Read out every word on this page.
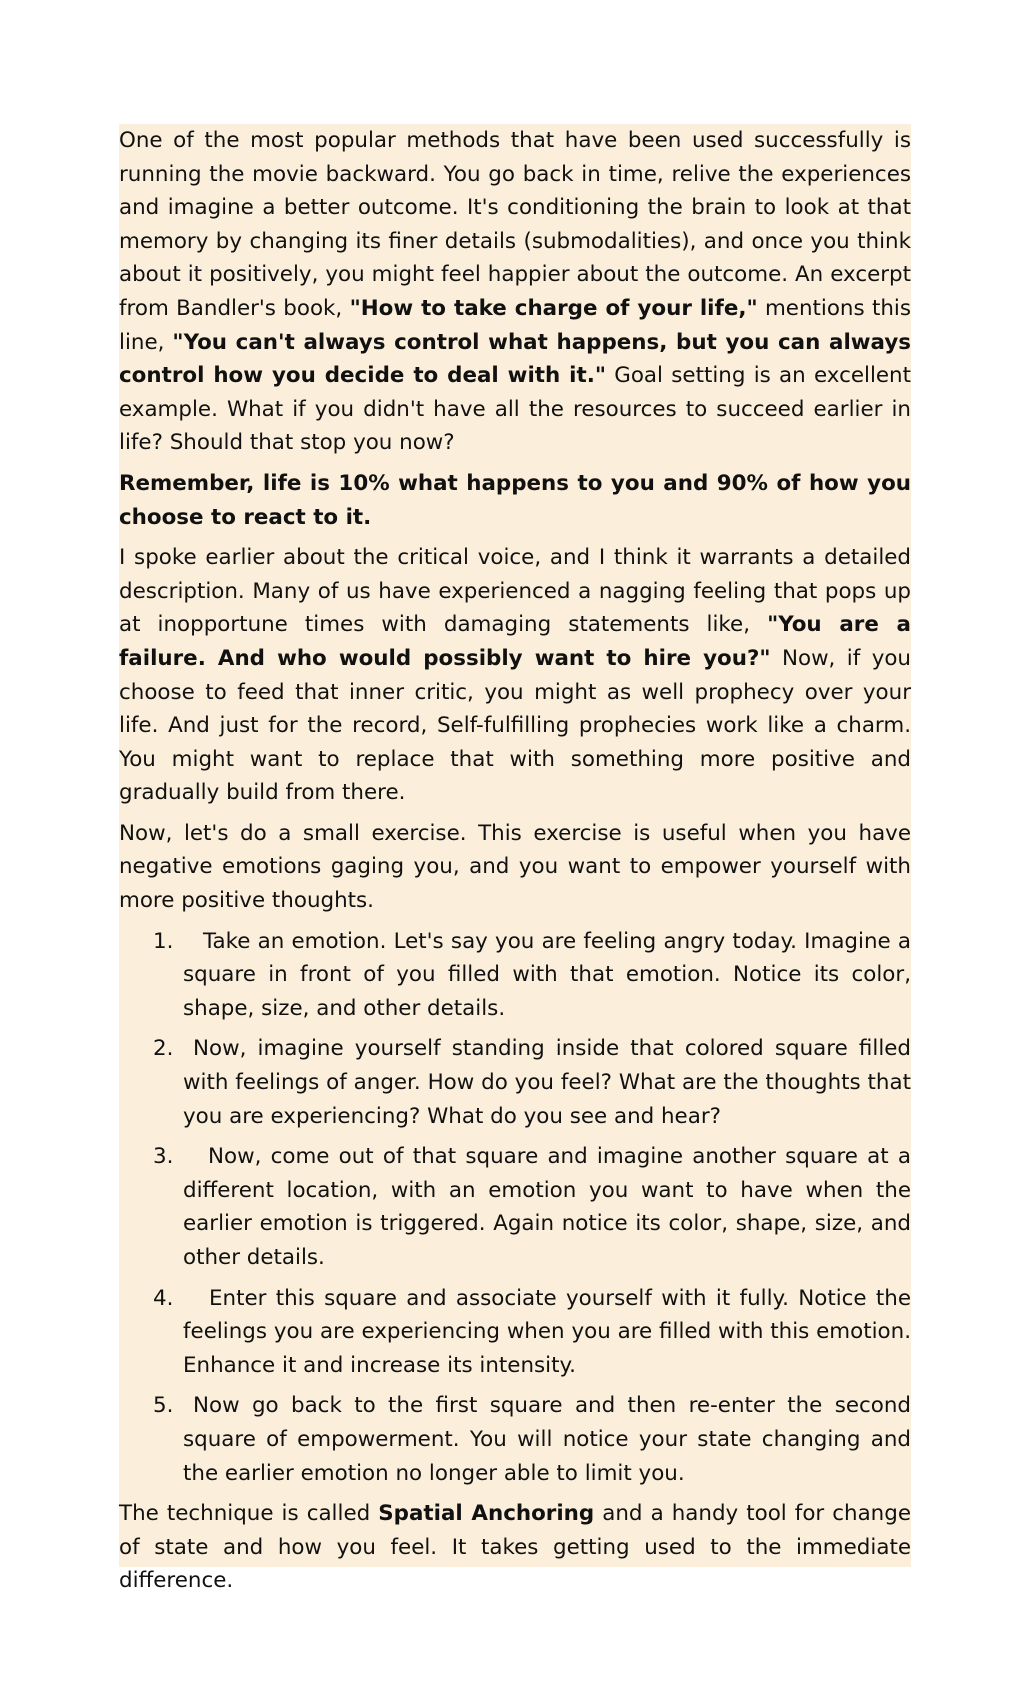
One of the most popular methods that have been used successfully is running the movie backward. You go back in time, relive the experiences and imagine a better outcome. It's conditioning the brain to look at that memory by changing its finer details (submodalities), and once you think about it positively, you might feel happier about the outcome. An excerpt from Bandler's book, "How to take charge of your life," mentions this line, "You can't always control what happens, but you can always control how you decide to deal with it." Goal setting is an excellent example. What if you didn't have all the resources to succeed earlier in life? Should that stop you now?

Remember, life is 10% what happens to you and 90% of how you choose to react to it.

I spoke earlier about the critical voice, and I think it warrants a detailed description. Many of us have experienced a nagging feeling that pops up at inopportune times with damaging statements like, "You are a failure. And who would possibly want to hire you?" Now, if you choose to feed that inner critic, you might as well prophecy over your life. And just for the record, Self-fulfilling prophecies work like a charm. You might want to replace that with something more positive and gradually build from there.

Now, let's do a small exercise. This exercise is useful when you have negative emotions gaging you, and you want to empower yourself with more positive thoughts.

1. Take an emotion. Let's say you are feeling angry today. Imagine a square in front of you filled with that emotion. Notice its color, shape, size, and other details.
2. Now, imagine yourself standing inside that colored square filled with feelings of anger. How do you feel? What are the thoughts that you are experiencing? What do you see and hear?
3. Now, come out of that square and imagine another square at a different location, with an emotion you want to have when the earlier emotion is triggered. Again notice its color, shape, size, and other details.
4. Enter this square and associate yourself with it fully. Notice the feelings you are experiencing when you are filled with this emotion. Enhance it and increase its intensity.
5. Now go back to the first square and then re-enter the second square of empowerment. You will notice your state changing and the earlier emotion no longer able to limit you.

The technique is called Spatial Anchoring and a handy tool for change of state and how you feel. It takes getting used to the immediate difference.
